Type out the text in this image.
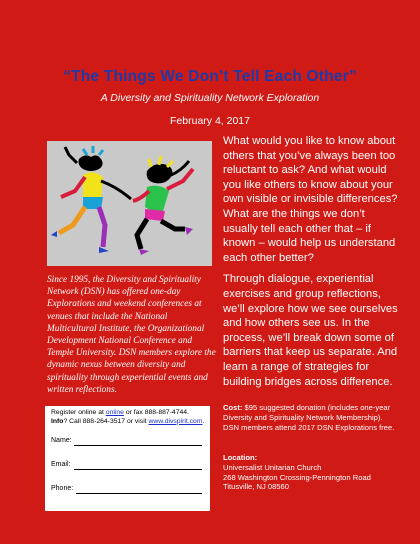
“The Things We Don’t Tell Each Other”
A Diversity and Spirituality Network Exploration
February 4, 2017
Since 1995, the Diversity and Spirituality Network (DSN) has offered one-day Explorations and weekend conferences at venues that include the National Multicultural Institute, the Organizational Development National Conference and Temple University. DSN members explore the dynamic nexus between diversity and spirituality through experiential events and written reflections.

What would you like to know about others that you’ve always been too reluctant to ask? And what would you like others to know about your own visible or invisible differences? What are the things we don’t usually tell each other that – if known – would help us understand each other better?

Through dialogue, experiential exercises and group reflections, we’ll explore how we see ourselves and how others see us. In the process, we’ll break down some of barriers that keep us separate. And learn a range of strategies for building bridges across difference.

Cost: $95 suggested donation (includes one-year Diversity and Spirituality Network Membership). DSN members attend 2017 DSN Explorations free.
Location:
Universalist Unitarian Church
268 Washington Crossing-Pennington Road
Titusville, NJ 08560
Register online at online or fax 888-887-4744.
Info? Call 888-264-3517 or visit www.divspirit.com.
Name:
Email:
Phone:
